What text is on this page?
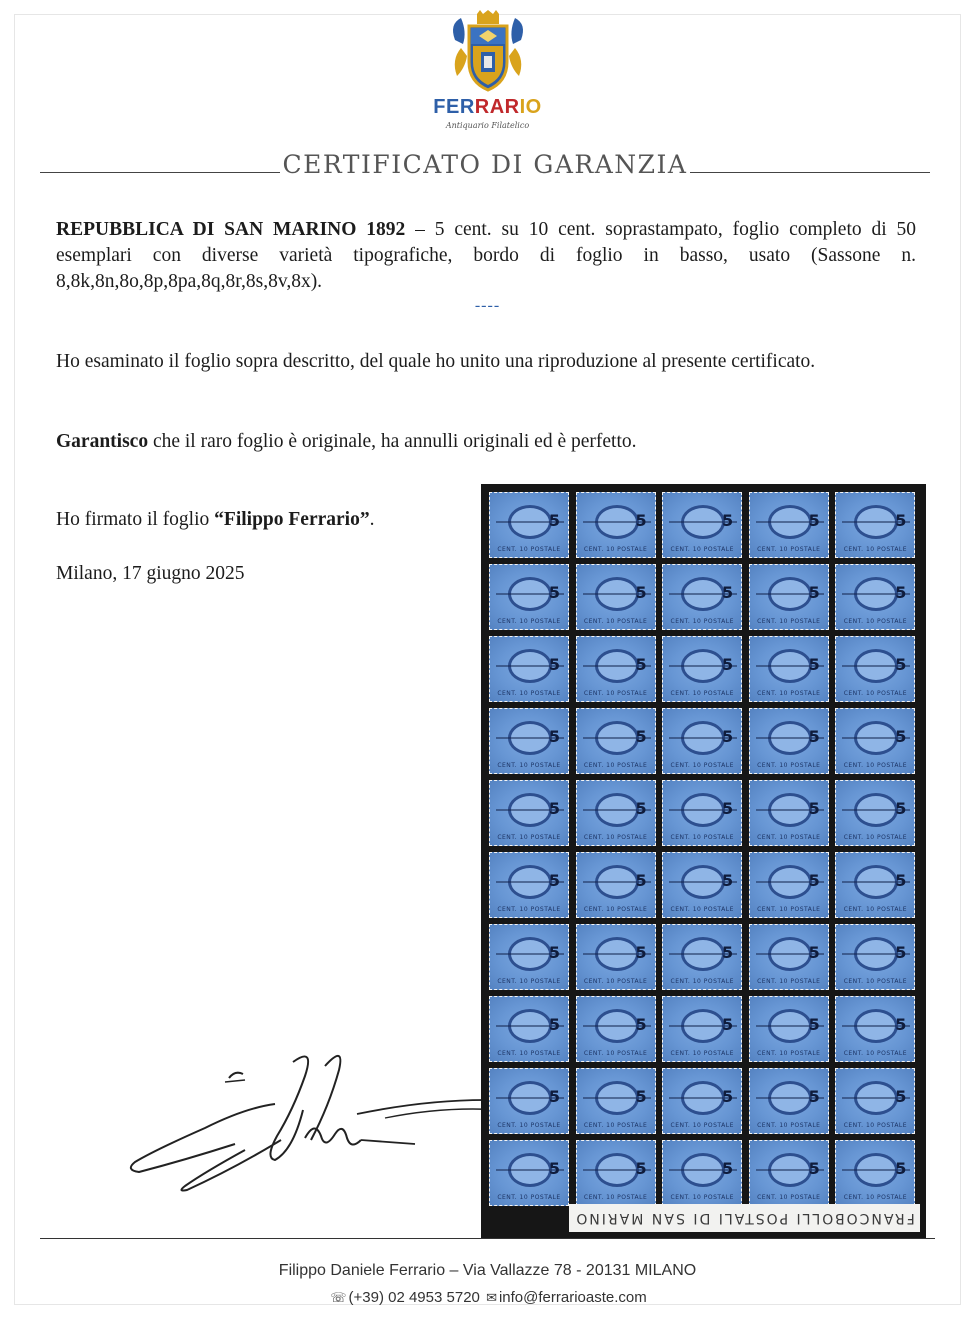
FERRARIO
Antiquario Filatelico
CERTIFICATO DI GARANZIA
REPUBBLICA DI SAN MARINO 1892 – 5 cent. su 10 cent. soprastampato, foglio completo di 50 esemplari con diverse varietà tipografiche, bordo di foglio in basso, usato (Sassone n. 8,8k,8n,8o,8p,8pa,8q,8r,8s,8v,8x).
----
Ho esaminato il foglio sopra descritto, del quale ho unito una riproduzione al presente certificato.
Garantisco che il raro foglio è originale, ha annulli originali ed è perfetto.
Ho firmato il foglio “Filippo Ferrario”.
Milano, 17 giugno 2025
5
CENT. 10 POSTALE
5
CENT. 10 POSTALE
5
CENT. 10 POSTALE
5
CENT. 10 POSTALE
5
CENT. 10 POSTALE
5
CENT. 10 POSTALE
5
CENT. 10 POSTALE
5
CENT. 10 POSTALE
5
CENT. 10 POSTALE
5
CENT. 10 POSTALE
5
CENT. 10 POSTALE
5
CENT. 10 POSTALE
5
CENT. 10 POSTALE
5
CENT. 10 POSTALE
5
CENT. 10 POSTALE
5
CENT. 10 POSTALE
5
CENT. 10 POSTALE
5
CENT. 10 POSTALE
5
CENT. 10 POSTALE
5
CENT. 10 POSTALE
5
CENT. 10 POSTALE
5
CENT. 10 POSTALE
5
CENT. 10 POSTALE
5
CENT. 10 POSTALE
5
CENT. 10 POSTALE
5
CENT. 10 POSTALE
5
CENT. 10 POSTALE
5
CENT. 10 POSTALE
5
CENT. 10 POSTALE
5
CENT. 10 POSTALE
5
CENT. 10 POSTALE
5
CENT. 10 POSTALE
5
CENT. 10 POSTALE
5
CENT. 10 POSTALE
5
CENT. 10 POSTALE
5
CENT. 10 POSTALE
5
CENT. 10 POSTALE
5
CENT. 10 POSTALE
5
CENT. 10 POSTALE
5
CENT. 10 POSTALE
5
CENT. 10 POSTALE
5
CENT. 10 POSTALE
5
CENT. 10 POSTALE
5
CENT. 10 POSTALE
5
CENT. 10 POSTALE
5
CENT. 10 POSTALE
5
CENT. 10 POSTALE
5
CENT. 10 POSTALE
5
CENT. 10 POSTALE
5
CENT. 10 POSTALE
FRANCOBOLLI POSTALI DI SAN MARINO
Filippo Daniele Ferrario – Via Vallazze 78 - 20131 MILANO
☏ (+39) 02 4953 5720 ✉ info@ferrarioaste.com
